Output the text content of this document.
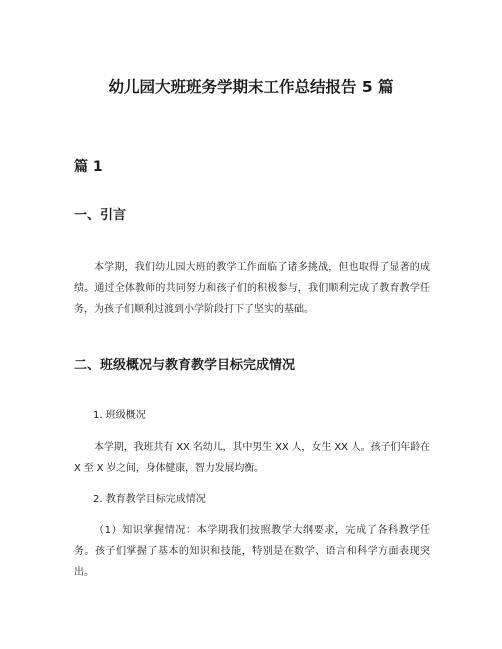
幼儿园大班班务学期末工作总结报告 5 篇
篇 1
一、引言
本学期，我们幼儿园大班的教学工作面临了诸多挑战，但也取得了显著的成绩。通过全体教师的共同努力和孩子们的积极参与，我们顺利完成了教育教学任务，为孩子们顺利过渡到小学阶段打下了坚实的基础。
二、班级概况与教育教学目标完成情况
1. 班级概况
本学期，我班共有 XX 名幼儿，其中男生 XX 人，女生 XX 人。孩子们年龄在 X 至 X 岁之间，身体健康，智力发展均衡。
2. 教育教学目标完成情况
（1）知识掌握情况：本学期我们按照教学大纲要求，完成了各科教学任务。孩子们掌握了基本的知识和技能，特别是在数学、语言和科学方面表现突出。
